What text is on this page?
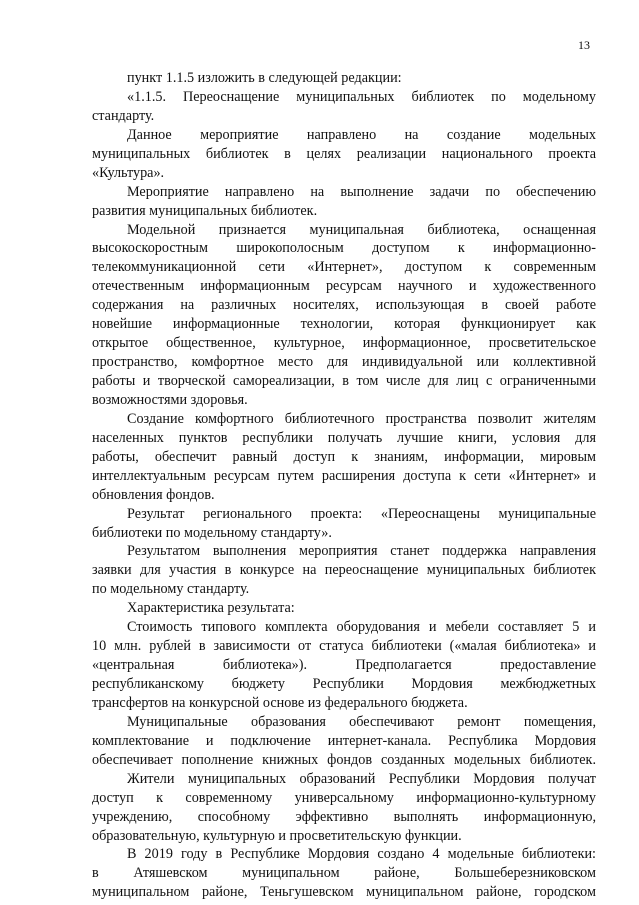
13
пункт 1.1.5 изложить в следующей редакции:
«1.1.5. Переоснащение муниципальных библиотек по модельному
стандарту.
Данное мероприятие направлено на создание модельных
муниципальных библиотек в целях реализации национального проекта
«Культура».
Мероприятие направлено на выполнение задачи по обеспечению
развития муниципальных библиотек.
Модельной признается муниципальная библиотека, оснащенная
высокоскоростным широкополосным доступом к информационно-
телекоммуникационной сети «Интернет», доступом к современным
отечественным информационным ресурсам научного и художественного
содержания на различных носителях, использующая в своей работе
новейшие информационные технологии, которая функционирует как
открытое общественное, культурное, информационное, просветительское
пространство, комфортное место для индивидуальной или коллективной
работы и творческой самореализации, в том числе для лиц с ограниченными
возможностями здоровья.
Создание комфортного библиотечного пространства позволит жителям
населенных пунктов республики получать лучшие книги, условия для
работы, обеспечит равный доступ к знаниям, информации, мировым
интеллектуальным ресурсам путем расширения доступа к сети «Интернет» и
обновления фондов.
Результат регионального проекта: «Переоснащены муниципальные
библиотеки по модельному стандарту».
Результатом выполнения мероприятия станет поддержка направления
заявки для участия в конкурсе на переоснащение муниципальных библиотек
по модельному стандарту.
Характеристика результата:
Стоимость типового комплекта оборудования и мебели составляет 5 и
10 млн. рублей в зависимости от статуса библиотеки («малая библиотека» и
«центральная библиотека»). Предполагается предоставление
республиканскому бюджету Республики Мордовия межбюджетных
трансфертов на конкурсной основе из федерального бюджета.
Муниципальные образования обеспечивают ремонт помещения,
комплектование и подключение интернет-канала. Республика Мордовия
обеспечивает пополнение книжных фондов созданных модельных библиотек.
Жители муниципальных образований Республики Мордовия получат
доступ к современному универсальному информационно-культурному
учреждению, способному эффективно выполнять информационную,
образовательную, культурную и просветительскую функции.
В 2019 году в Республике Мордовия создано 4 модельные библиотеки:
в Атяшевском муниципальном районе, Большеберезниковском
муниципальном районе, Теньгушевском муниципальном районе, городском
